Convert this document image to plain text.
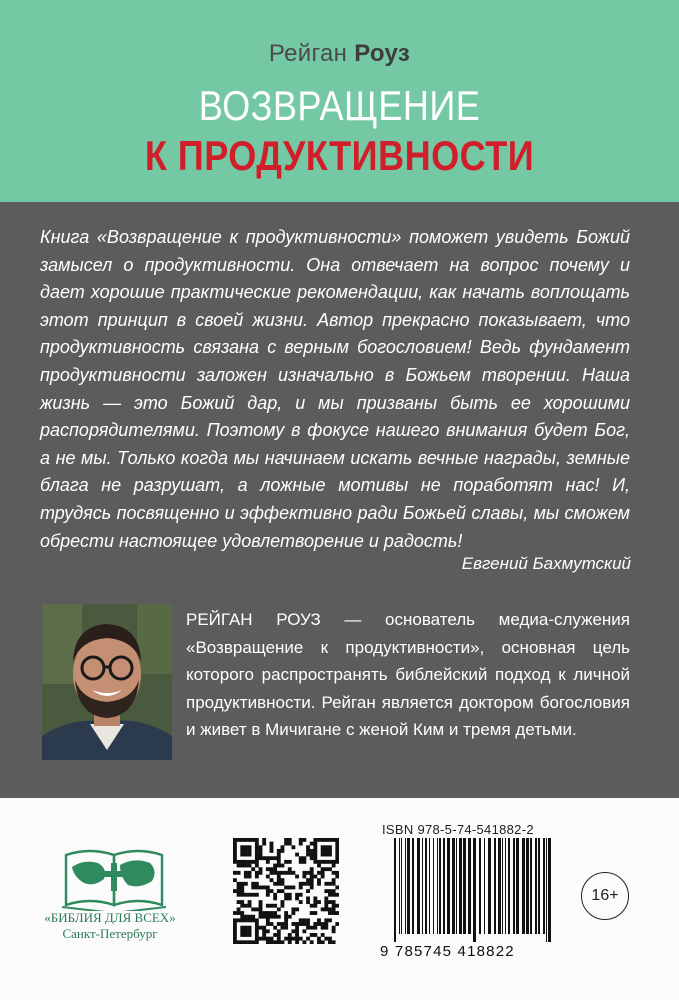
Рейган Роуз
ВОЗВРАЩЕНИЕ
К ПРОДУКТИВНОСТИ
Книга «Возвращение к продуктивности» поможет увидеть Божий замысел о продуктивности. Она отвечает на вопрос почему и дает хорошие практические рекомендации, как начать воплощать этот принцип в своей жизни. Автор прекрасно показывает, что продуктивность связана с верным богословием! Ведь фундамент продуктивности заложен изначально в Божьем творении. Наша жизнь — это Божий дар, и мы призваны быть ее хорошими распорядителями. Поэтому в фокусе нашего внимания будет Бог, а не мы. Только когда мы начинаем искать вечные награды, земные блага не разрушат, а ложные мотивы не поработят нас! И, трудясь посвященно и эффективно ради Божьей славы, мы сможем обрести настоящее удовлетворение и радость!
Евгений Бахмутский
РЕЙГАН РОУЗ — основатель медиа-служения «Возвращение к продуктивности», основная цель которого распространять библейский подход к личной продуктивности. Рейган является доктором богословия и живет в Мичигане с женой Ким и тремя детьми.
«БИБЛИЯ ДЛЯ ВСЕХ»
Санкт-Петербург
ISBN 978-5-74-541882-2
9 785745 418822
16+
